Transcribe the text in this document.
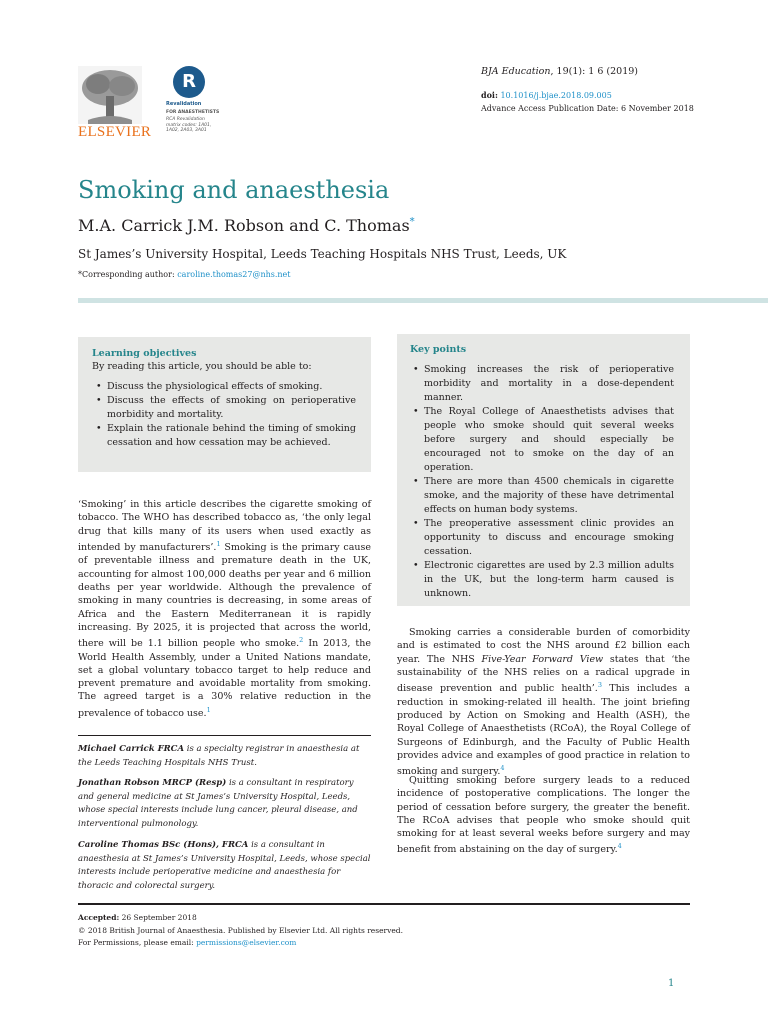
ELSEVIER
R
Revalidation
FOR ANAESTHETISTS
RCA Revalidation matrix codes: 1A01, 1A02, 2A03, 3A01
BJA Education, 19(1): 1 6 (2019)
doi: 10.1016/j.bjae.2018.09.005
Advance Access Publication Date: 6 November 2018
Smoking and anaesthesia
M.A. Carrick J.M. Robson and C. Thomas*
St James’s University Hospital, Leeds Teaching Hospitals NHS Trust, Leeds, UK
*Corresponding author: caroline.thomas27@nhs.net
Learning objectives
By reading this article, you should be able to:
• Discuss the physiological effects of smoking.
• Discuss the effects of smoking on perioperative morbidity and mortality.
• Explain the rationale behind the timing of smoking cessation and how cessation may be achieved.
Key points
• Smoking increases the risk of perioperative morbidity and mortality in a dose-dependent manner.
• The Royal College of Anaesthetists advises that people who smoke should quit several weeks before surgery and should especially be encouraged not to smoke on the day of an operation.
• There are more than 4500 chemicals in cigarette smoke, and the majority of these have detrimental effects on human body systems.
• The preoperative assessment clinic provides an opportunity to discuss and encourage smoking cessation.
• Electronic cigarettes are used by 2.3 million adults in the UK, but the long-term harm caused is unknown.
‘Smoking’ in this article describes the cigarette smoking of tobacco. The WHO has described tobacco as, ‘the only legal drug that kills many of its users when used exactly as intended by manufacturers’.$^1$ Smoking is the primary cause of preventable illness and premature death in the UK, accounting for almost 100,000 deaths per year and 6 million deaths per year worldwide. Although the prevalence of smoking in many countries is decreasing, in some areas of Africa and the Eastern Mediterranean it is rapidly increasing. By 2025, it is projected that across the world, there will be 1.1 billion people who smoke.$^2$ In 2013, the World Health Assembly, under a United Nations mandate, set a global voluntary tobacco target to help reduce and prevent premature and avoidable mortality from smoking. The agreed target is a 30% relative reduction in the prevalence of tobacco use.$^1$
Michael Carrick FRCA is a specialty registrar in anaesthesia at the Leeds Teaching Hospitals NHS Trust.
Jonathan Robson MRCP (Resp) is a consultant in respiratory and general medicine at St James’s University Hospital, Leeds, whose special interests include lung cancer, pleural disease, and interventional pulmonology.
Caroline Thomas BSc (Hons), FRCA is a consultant in anaesthesia at St James’s University Hospital, Leeds, whose special interests include perioperative medicine and anaesthesia for thoracic and colorectal surgery.
Smoking carries a considerable burden of comorbidity and is estimated to cost the NHS around £2 billion each year. The NHS Five-Year Forward View states that ‘the sustainability of the NHS relies on a radical upgrade in disease prevention and public health’.$^3$ This includes a reduction in smoking-related ill health. The joint briefing produced by Action on Smoking and Health (ASH), the Royal College of Anaesthetists (RCoA), the Royal College of Surgeons of Edinburgh, and the Faculty of Public Health provides advice and examples of good practice in relation to smoking and surgery.$^4$
Quitting smoking before surgery leads to a reduced incidence of postoperative complications. The longer the period of cessation before surgery, the greater the benefit. The RCoA advises that people who smoke should quit smoking for at least several weeks before surgery and may benefit from abstaining on the day of surgery.$^4$
Accepted: 26 September 2018
© 2018 British Journal of Anaesthesia. Published by Elsevier Ltd. All rights reserved.
For Permissions, please email: permissions@elsevier.com
1
